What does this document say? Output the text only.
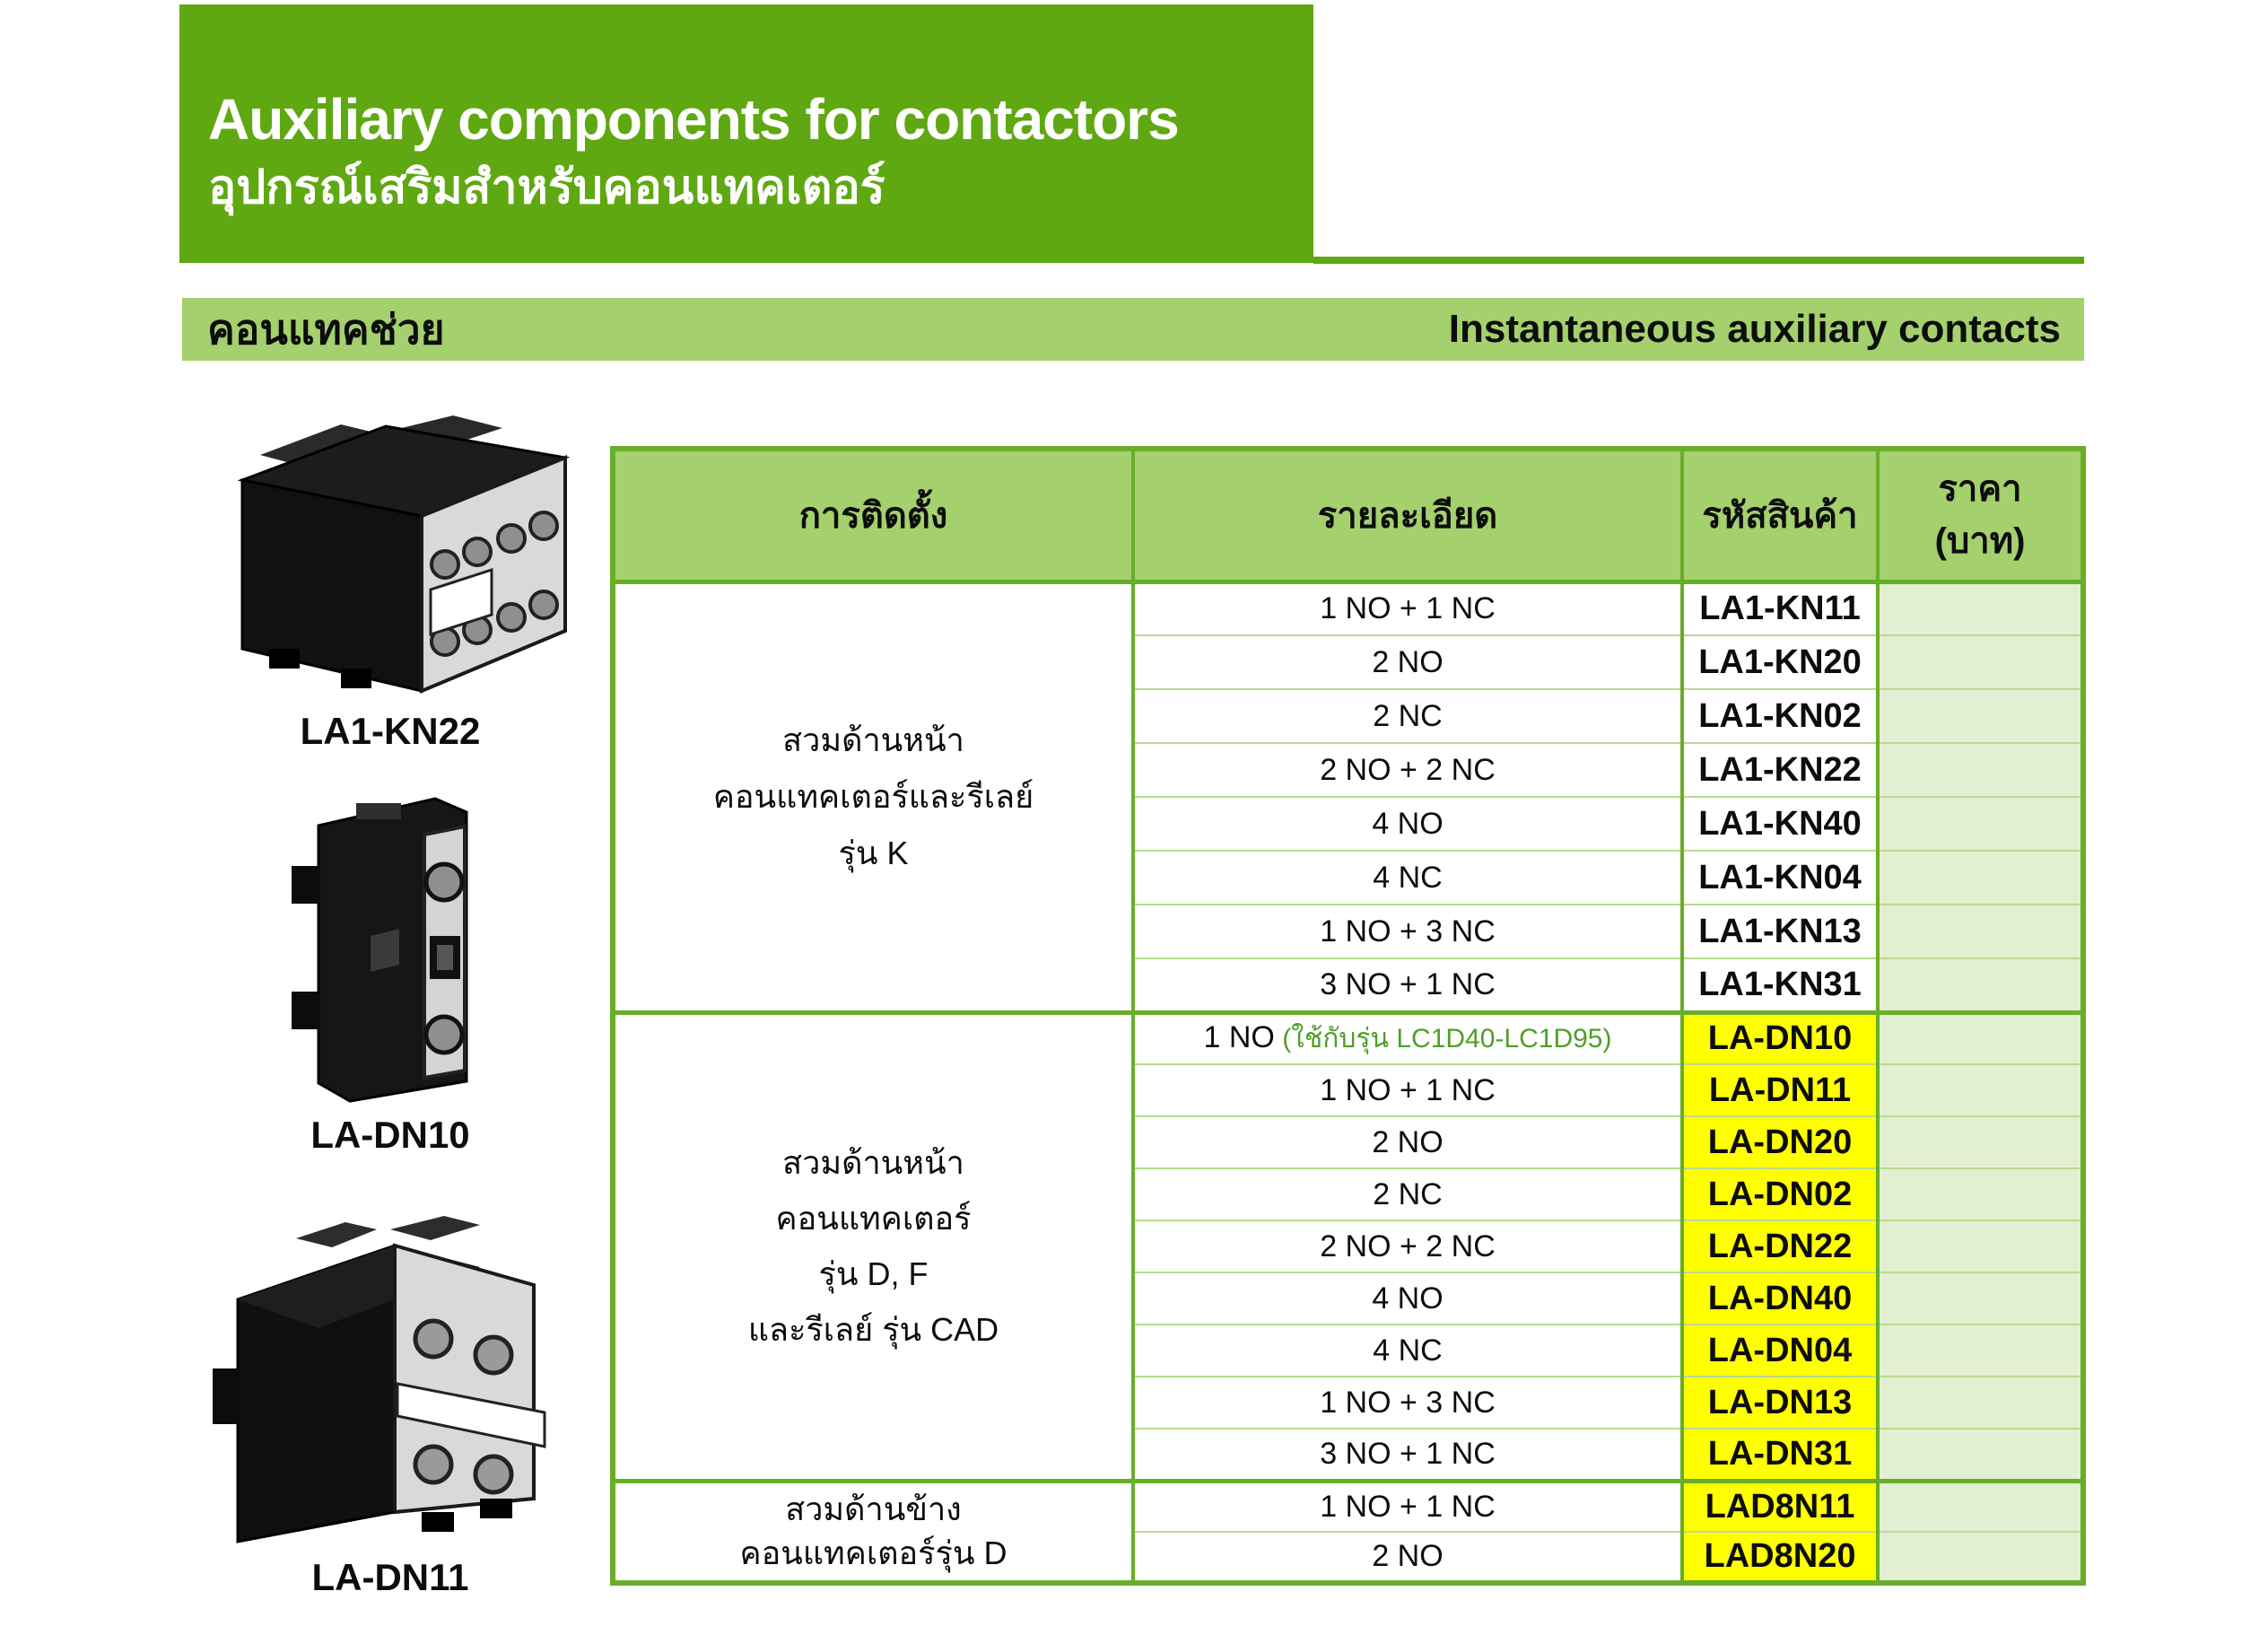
Auxiliary components for contactors
อุปกรณ์เสริมสำหรับคอนแทคเตอร์
คอนแทคช่วย	Instantaneous auxiliary contacts
LA1-KN22
LA-DN10
LA-DN11
การติดตั้ง	รายละเอียด	รหัสสินค้า	ราคา
(บาท)

สวมด้านหน้า
คอนแทคเตอร์และรีเลย์
รุ่น K	1 NO + 1 NC	LA1-KN11	
	2 NO	LA1-KN20	
	2 NC	LA1-KN02	
	2 NO + 2 NC	LA1-KN22	
	4 NO	LA1-KN40	
	4 NC	LA1-KN04	
	1 NO + 3 NC	LA1-KN13	
	3 NO + 1 NC	LA1-KN31	

สวมด้านหน้า
คอนแทคเตอร์
รุ่น D, F
และรีเลย์ รุ่น CAD	1 NO (ใช้กับรุ่น LC1D40-LC1D95)	LA-DN10	
	1 NO + 1 NC	LA-DN11	
	2 NO	LA-DN20	
	2 NC	LA-DN02	
	2 NO + 2 NC	LA-DN22	
	4 NO	LA-DN40	
	4 NC	LA-DN04	
	1 NO + 3 NC	LA-DN13	
	3 NO + 1 NC	LA-DN31	

สวมด้านข้าง
คอนแทคเตอร์รุ่น D	1 NO + 1 NC	LAD8N11	
	2 NO	LAD8N20	
